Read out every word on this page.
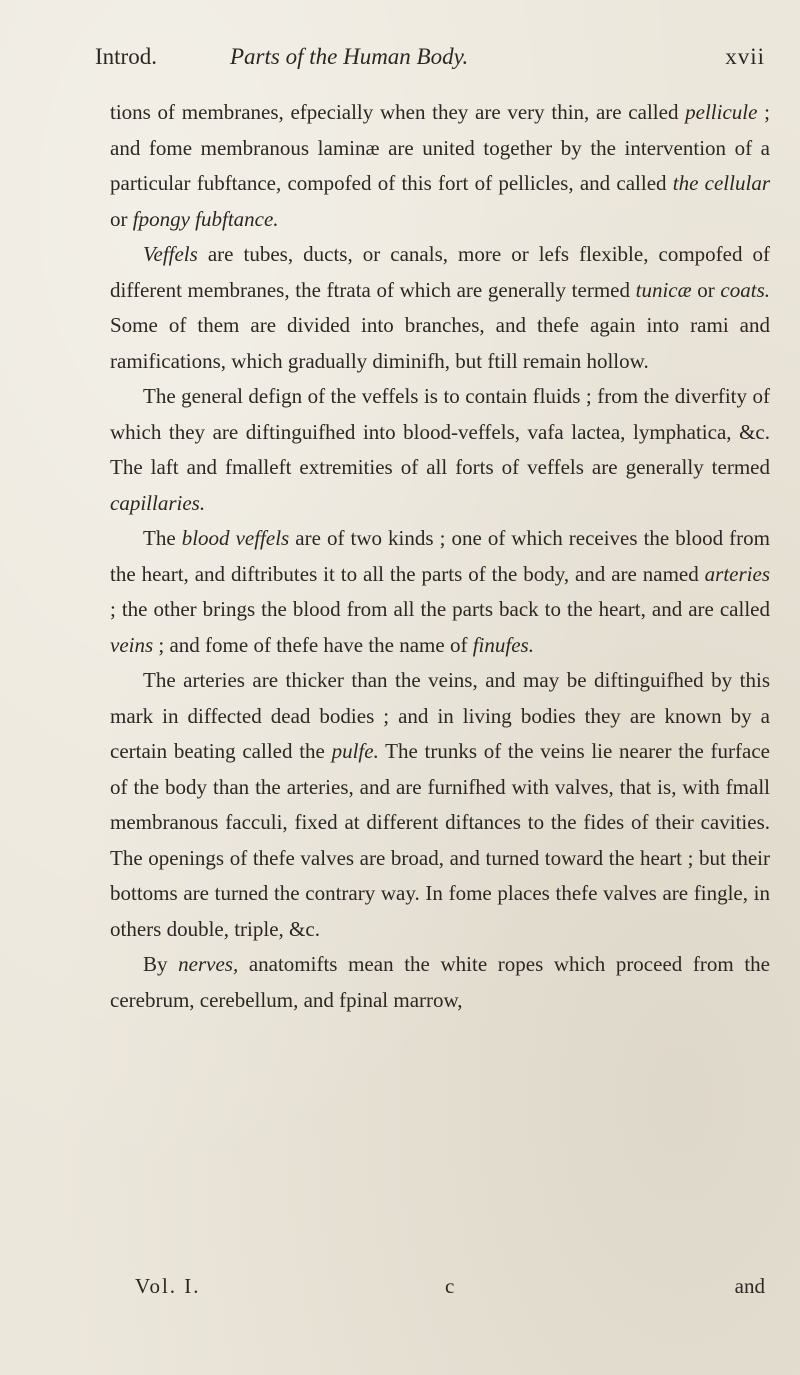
Introd.	Parts of the Human Body.	xvii

tions of membranes, efpecially when they are very thin, are called pellicule ; and fome membranous laminæ are united together by the intervention of a particular fubftance, compofed of this fort of pellicles, and called the cellular or fpongy fubftance.

Veffels are tubes, ducts, or canals, more or lefs flexible, compofed of different membranes, the ftrata of which are generally termed tunicæ or coats. Some of them are divided into branches, and thefe again into rami and ramifications, which gradually diminifh, but ftill remain hollow.

The general defign of the veffels is to contain fluids ; from the diverfity of which they are diftinguifhed into blood-veffels, vafa lactea, lymphatica, &c. The laft and fmalleft extremities of all forts of veffels are generally termed capillaries.

The blood veffels are of two kinds ; one of which receives the blood from the heart, and diftributes it to all the parts of the body, and are named arteries ; the other brings the blood from all the parts back to the heart, and are called veins ; and fome of thefe have the name of finufes.

The arteries are thicker than the veins, and may be diftinguifhed by this mark in diffected dead bodies ; and in living bodies they are known by a certain beating called the pulfe. The trunks of the veins lie nearer the furface of the body than the arteries, and are furnifhed with valves, that is, with fmall membranous facculi, fixed at different diftances to the fides of their cavities. The openings of thefe valves are broad, and turned toward the heart ; but their bottoms are turned the contrary way. In fome places thefe valves are fingle, in others double, triple, &c.

By nerves, anatomifts mean the white ropes which proceed from the cerebrum, cerebellum, and fpinal marrow,

Vol. I.	c	and
